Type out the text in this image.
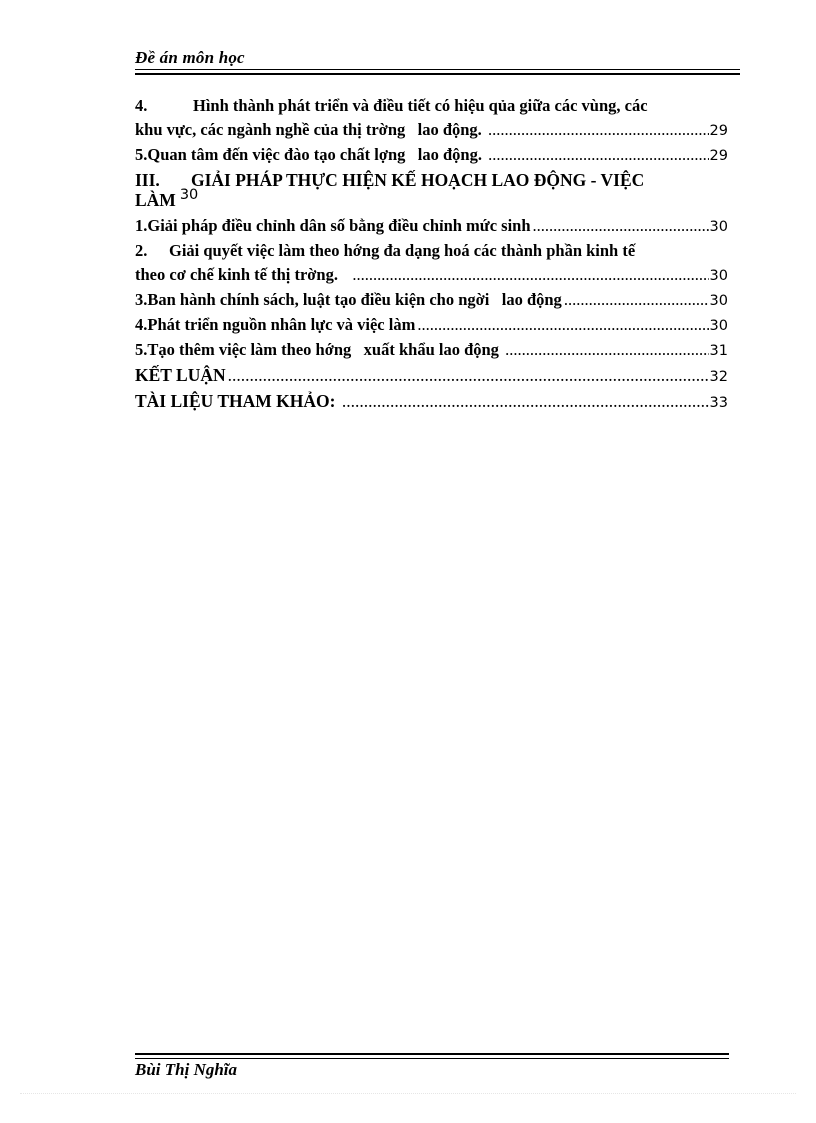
Đề án môn học
4.	Hình thành phát triển và điều tiết có hiệu qủa giữa các vùng, các
khu vực, các ngành nghề của thị trờng   lao động. .....	29
5. Quan tâm đến việc đào tạo chất lợng   lao động. .....	29
III. GIẢI PHÁP THỰC HIỆN KẾ HOẠCH LAO ĐỘNG - VIỆC
LÀM $^{30}$
1. Giải pháp điều chỉnh dân số bằng điều chỉnh mức sinh .....	30
2. Giải quyết việc làm theo hớng đa dạng hoá các thành phần kinh tế
theo cơ chế kinh tế thị trờng. .....	30
3. Ban hành chính sách, luật tạo điều kiện cho ngời   lao động .....	30
4. Phát triển nguồn nhân lực và việc làm .....	30
5. Tạo thêm việc làm theo hớng   xuất khẩu lao động .....	31
KẾT LUẬN .....	32
TÀI LIỆU THAM KHẢO: .....	33
Bùi Thị Nghĩa
